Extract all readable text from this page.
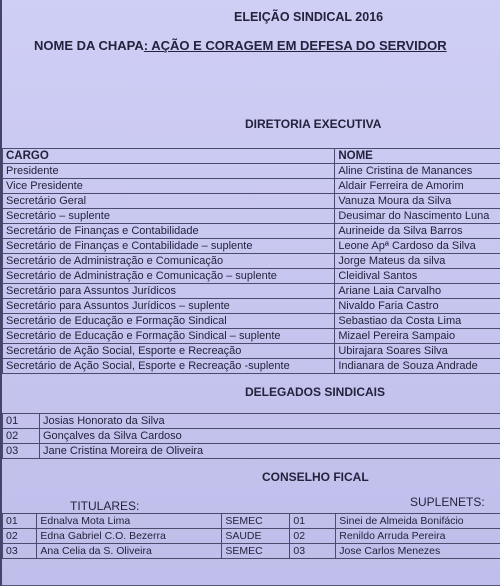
ELEIÇÃO SINDICAL 2016
NOME DA CHAPA: AÇÃO E CORAGEM EM DEFESA DO SERVIDOR
DIRETORIA EXECUTIVA
CARGO	NOME
Presidente	Aline Cristina de Manances
Vice Presidente	Aldair Ferreira de Amorim
Secretário Geral	Vanuza Moura da Silva
Secretário – suplente	Deusimar do Nascimento Luna
Secretário de Finanças e Contabilidade	Aurineide da Silva Barros
Secretário de Finanças e Contabilidade – suplente	Leone Apª Cardoso da Silva
Secretário de Administração e Comunicação	Jorge Mateus da silva
Secretário de Administração e Comunicação – suplente	Cleidival Santos
Secretário para Assuntos Jurídicos	Ariane Laia Carvalho
Secretário para Assuntos Jurídicos – suplente	Nivaldo Faria Castro
Secretário de Educação e Formação Sindical	Sebastiao da Costa Lima
Secretário de Educação e Formação Sindical – suplente	Mizael Pereira Sampaio
Secretário de Ação Social, Esporte e Recreação	Ubirajara Soares Silva
Secretário de Ação Social, Esporte e Recreação -suplente	Indianara de Souza Andrade
DELEGADOS SINDICAIS
01	Josias Honorato da Silva
02	Gonçalves da Silva Cardoso
03	Jane Cristina Moreira de Oliveira
CONSELHO FICAL
TITULARES:	SUPLENETS:
01	Ednalva Mota Lima	SEMEC	01	Sinei de Almeida Bonifácio
02	Edna Gabriel C.O. Bezerra	SAUDE	02	Renildo Arruda Pereira
03	Ana Celia da S. Oliveira	SEMEC	03	Jose Carlos Menezes
